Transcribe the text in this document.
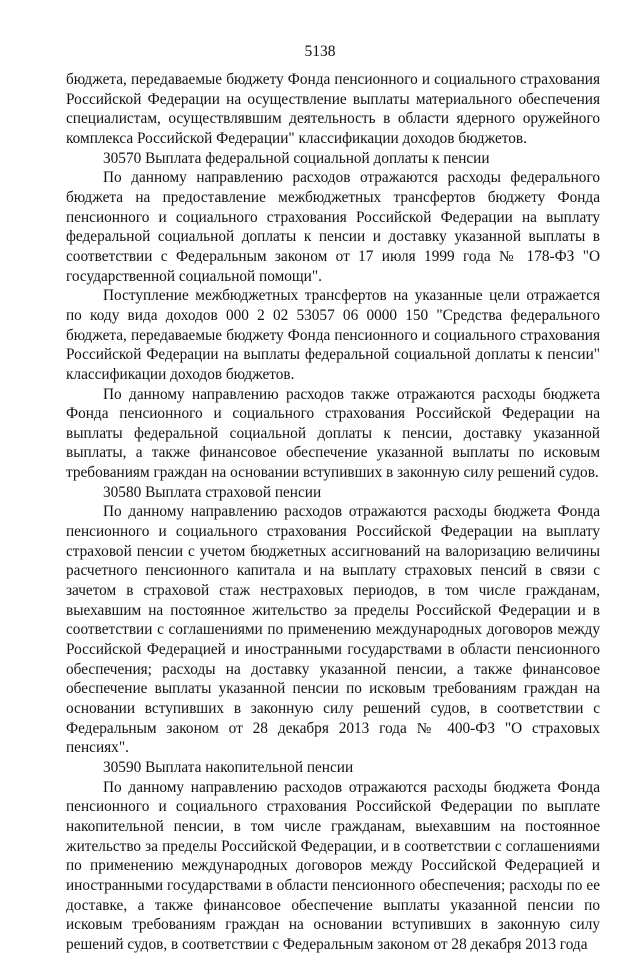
5138

бюджета, передаваемые бюджету Фонда пенсионного и социального страхования Российской Федерации на осуществление выплаты материального обеспечения специалистам, осуществлявшим деятельность в области ядерного оружейного комплекса Российской Федерации" классификации доходов бюджетов.

30570 Выплата федеральной социальной доплаты к пенсии

По данному направлению расходов отражаются расходы федерального бюджета на предоставление межбюджетных трансфертов бюджету Фонда пенсионного и социального страхования Российской Федерации на выплату федеральной социальной доплаты к пенсии и доставку указанной выплаты в соответствии с Федеральным законом от 17 июля 1999 года № 178-ФЗ "О государственной социальной помощи".

Поступление межбюджетных трансфертов на указанные цели отражается по коду вида доходов 000 2 02 53057 06 0000 150 "Средства федерального бюджета, передаваемые бюджету Фонда пенсионного и социального страхования Российской Федерации на выплаты федеральной социальной доплаты к пенсии" классификации доходов бюджетов.

По данному направлению расходов также отражаются расходы бюджета Фонда пенсионного и социального страхования Российской Федерации на выплаты федеральной социальной доплаты к пенсии, доставку указанной выплаты, а также финансовое обеспечение указанной выплаты по исковым требованиям граждан на основании вступивших в законную силу решений судов.

30580 Выплата страховой пенсии

По данному направлению расходов отражаются расходы бюджета Фонда пенсионного и социального страхования Российской Федерации на выплату страховой пенсии с учетом бюджетных ассигнований на валоризацию величины расчетного пенсионного капитала и на выплату страховых пенсий в связи с зачетом в страховой стаж нестраховых периодов, в том числе гражданам, выехавшим на постоянное жительство за пределы Российской Федерации и в соответствии с соглашениями по применению международных договоров между Российской Федерацией и иностранными государствами в области пенсионного обеспечения; расходы на доставку указанной пенсии, а также финансовое обеспечение выплаты указанной пенсии по исковым требованиям граждан на основании вступивших в законную силу решений судов, в соответствии с Федеральным законом от 28 декабря 2013 года № 400-ФЗ "О страховых пенсиях".

30590 Выплата накопительной пенсии

По данному направлению расходов отражаются расходы бюджета Фонда пенсионного и социального страхования Российской Федерации по выплате накопительной пенсии, в том числе гражданам, выехавшим на постоянное жительство за пределы Российской Федерации, и в соответствии с соглашениями по применению международных договоров между Российской Федерацией и иностранными государствами в области пенсионного обеспечения; расходы по ее доставке, а также финансовое обеспечение выплаты указанной пенсии по исковым требованиям граждан на основании вступивших в законную силу решений судов, в соответствии с Федеральным законом от 28 декабря 2013 года
